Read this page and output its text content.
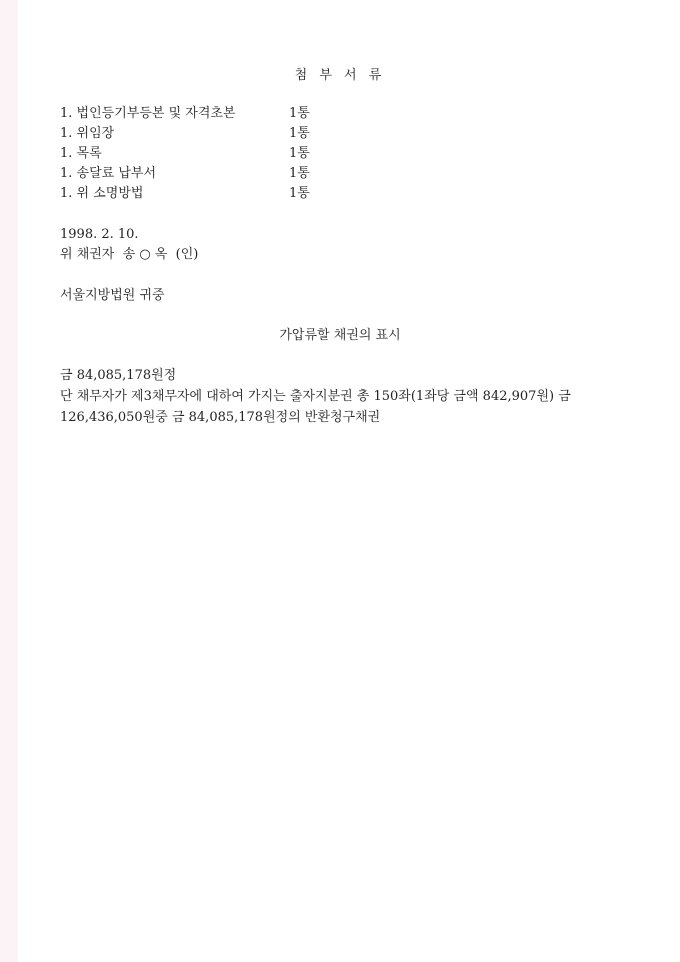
첨 부 서 류
1. 법인등기부등본 및 자격초본	1통
1. 위임장	1통
1. 목록	1통
1. 송달료 납부서	1통
1. 위 소명방법	1통
1998. 2. 10.
위 채권자  송 ○ 옥  (인)
서울지방법원 귀중
가압류할 채권의 표시
금 84,085,178원정
단 채무자가 제3채무자에 대하여 가지는 출자지분권 총 150좌(1좌당 금액 842,907원) 금 126,436,050원중 금 84,085,178원정의 반환청구채권
